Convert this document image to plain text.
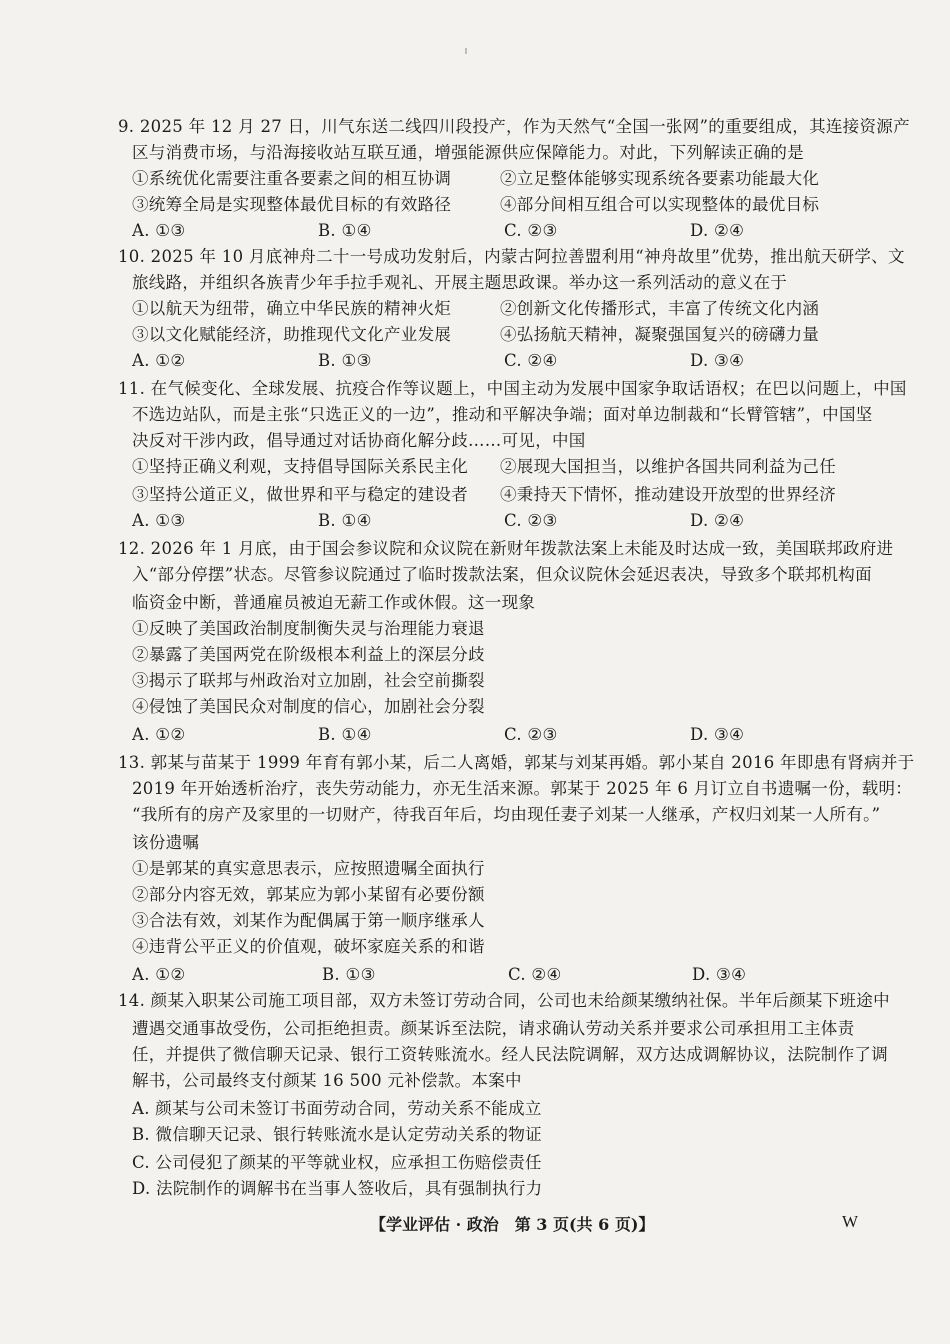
9. 2025 年 12 月 27 日，川气东送二线四川段投产，作为天然气“全国一张网”的重要组成，其连接资源产
区与消费市场，与沿海接收站互联互通，增强能源供应保障能力。对此，下列解读正确的是
①系统优化需要注重各要素之间的相互协调	②立足整体能够实现系统各要素功能最大化
③统筹全局是实现整体最优目标的有效路径	④部分间相互组合可以实现整体的最优目标
A. ①③	B. ①④	C. ②③	D. ②④
10. 2025 年 10 月底神舟二十一号成功发射后，内蒙古阿拉善盟利用“神舟故里”优势，推出航天研学、文
旅线路，并组织各族青少年手拉手观礼、开展主题思政课。举办这一系列活动的意义在于
①以航天为纽带，确立中华民族的精神火炬	②创新文化传播形式，丰富了传统文化内涵
③以文化赋能经济，助推现代文化产业发展	④弘扬航天精神，凝聚强国复兴的磅礴力量
A. ①②	B. ①③	C. ②④	D. ③④
11. 在气候变化、全球发展、抗疫合作等议题上，中国主动为发展中国家争取话语权；在巴以问题上，中国
不选边站队，而是主张“只选正义的一边”，推动和平解决争端；面对单边制裁和“长臂管辖”，中国坚
决反对干涉内政，倡导通过对话协商化解分歧……可见，中国
①坚持正确义利观，支持倡导国际关系民主化 ②展现大国担当，以维护各国共同利益为己任
③坚持公道正义，做世界和平与稳定的建设者 ④秉持天下情怀，推动建设开放型的世界经济
A. ①③	B. ①④	C. ②③	D. ②④
12. 2026 年 1 月底，由于国会参议院和众议院在新财年拨款法案上未能及时达成一致，美国联邦政府进
入“部分停摆”状态。尽管参议院通过了临时拨款法案，但众议院休会延迟表决，导致多个联邦机构面
临资金中断，普通雇员被迫无薪工作或休假。这一现象
①反映了美国政治制度制衡失灵与治理能力衰退
②暴露了美国两党在阶级根本利益上的深层分歧
③揭示了联邦与州政治对立加剧，社会空前撕裂
④侵蚀了美国民众对制度的信心，加剧社会分裂
A. ①②	B. ①④	C. ②③	D. ③④
13. 郭某与苗某于 1999 年育有郭小某，后二人离婚，郭某与刘某再婚。郭小某自 2016 年即患有肾病并于
2019 年开始透析治疗，丧失劳动能力，亦无生活来源。郭某于 2025 年 6 月订立自书遗嘱一份，载明：
“我所有的房产及家里的一切财产，待我百年后，均由现任妻子刘某一人继承，产权归刘某一人所有。”
该份遗嘱
①是郭某的真实意思表示，应按照遗嘱全面执行
②部分内容无效，郭某应为郭小某留有必要份额
③合法有效，刘某作为配偶属于第一顺序继承人
④违背公平正义的价值观，破坏家庭关系的和谐
A. ①②	B. ①③	C. ②④	D. ③④
14. 颜某入职某公司施工项目部，双方未签订劳动合同，公司也未给颜某缴纳社保。半年后颜某下班途中
遭遇交通事故受伤，公司拒绝担责。颜某诉至法院，请求确认劳动关系并要求公司承担用工主体责
任，并提供了微信聊天记录、银行工资转账流水。经人民法院调解，双方达成调解协议，法院制作了调
解书，公司最终支付颜某 16 500 元补偿款。本案中
A. 颜某与公司未签订书面劳动合同，劳动关系不能成立
B. 微信聊天记录、银行转账流水是认定劳动关系的物证
C. 公司侵犯了颜某的平等就业权，应承担工伤赔偿责任
D. 法院制作的调解书在当事人签收后，具有强制执行力
【学业评估 · 政治　第 3 页(共 6 页)】	W
